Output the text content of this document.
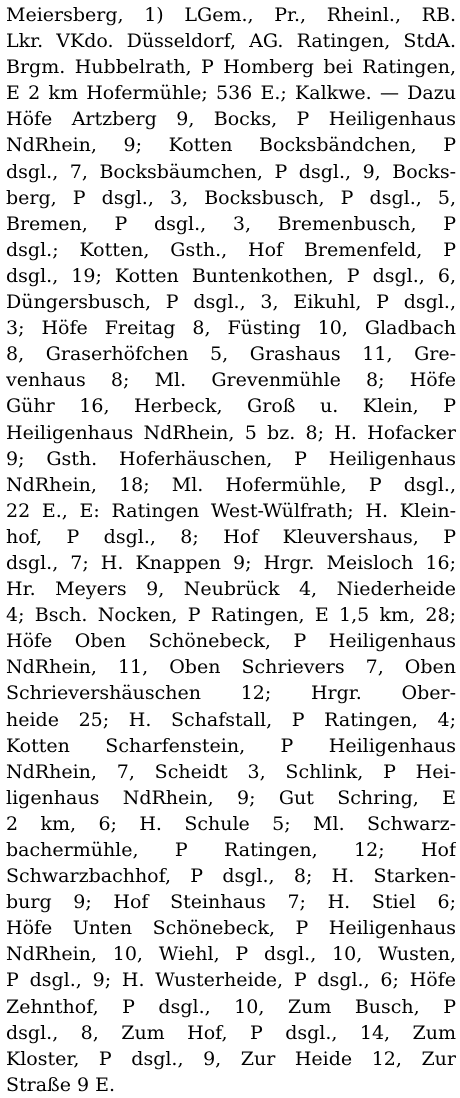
Meiersberg, 1) LGem., Pr., Rheinl., RB.
Lkr. VKdo. Düsseldorf, AG. Ratingen, StdA.
Brgm. Hubbelrath, P Homberg bei Ratingen,
E 2 km Hofermühle; 536 E.; Kalkwe. — Dazu
Höfe Artzberg 9, Bocks, P Heiligenhaus
NdRhein, 9; Kotten Bocksbändchen, P
dsgl., 7, Bocksbäumchen, P dsgl., 9, Bocks-
berg, P dsgl., 3, Bocksbusch, P dsgl., 5,
Bremen, P dsgl., 3, Bremenbusch, P
dsgl.; Kotten, Gsth., Hof Bremenfeld, P
dsgl., 19; Kotten Buntenkothen, P dsgl., 6,
Düngersbusch, P dsgl., 3, Eikuhl, P dsgl.,
3; Höfe Freitag 8, Füsting 10, Gladbach
8, Graserhöfchen 5, Grashaus 11, Gre-
venhaus 8; Ml. Grevenmühle 8; Höfe
Gühr 16, Herbeck, Groß u. Klein, P
Heiligenhaus NdRhein, 5 bz. 8; H. Hofacker
9; Gsth. Hoferhäuschen, P Heiligenhaus
NdRhein, 18; Ml. Hofermühle, P dsgl.,
22 E., E: Ratingen West-Wülfrath; H. Klein-
hof, P dsgl., 8; Hof Kleuvershaus, P
dsgl., 7; H. Knappen 9; Hrgr. Meisloch 16;
Hr. Meyers 9, Neubrück 4, Niederheide
4; Bsch. Nocken, P Ratingen, E 1,5 km, 28;
Höfe Oben Schönebeck, P Heiligenhaus
NdRhein, 11, Oben Schrievers 7, Oben
Schrievershäuschen 12; Hrgr. Ober-
heide 25; H. Schafstall, P Ratingen, 4;
Kotten Scharfenstein, P Heiligenhaus
NdRhein, 7, Scheidt 3, Schlink, P Hei-
ligenhaus NdRhein, 9; Gut Schring, E
2 km, 6; H. Schule 5; Ml. Schwarz-
bachermühle, P Ratingen, 12; Hof
Schwarzbachhof, P dsgl., 8; H. Starken-
burg 9; Hof Steinhaus 7; H. Stiel 6;
Höfe Unten Schönebeck, P Heiligenhaus
NdRhein, 10, Wiehl, P dsgl., 10, Wusten,
P dsgl., 9; H. Wusterheide, P dsgl., 6; Höfe
Zehnthof, P dsgl., 10, Zum Busch, P
dsgl., 8, Zum Hof, P dsgl., 14, Zum
Kloster, P dsgl., 9, Zur Heide 12, Zur
Straße 9 E.
